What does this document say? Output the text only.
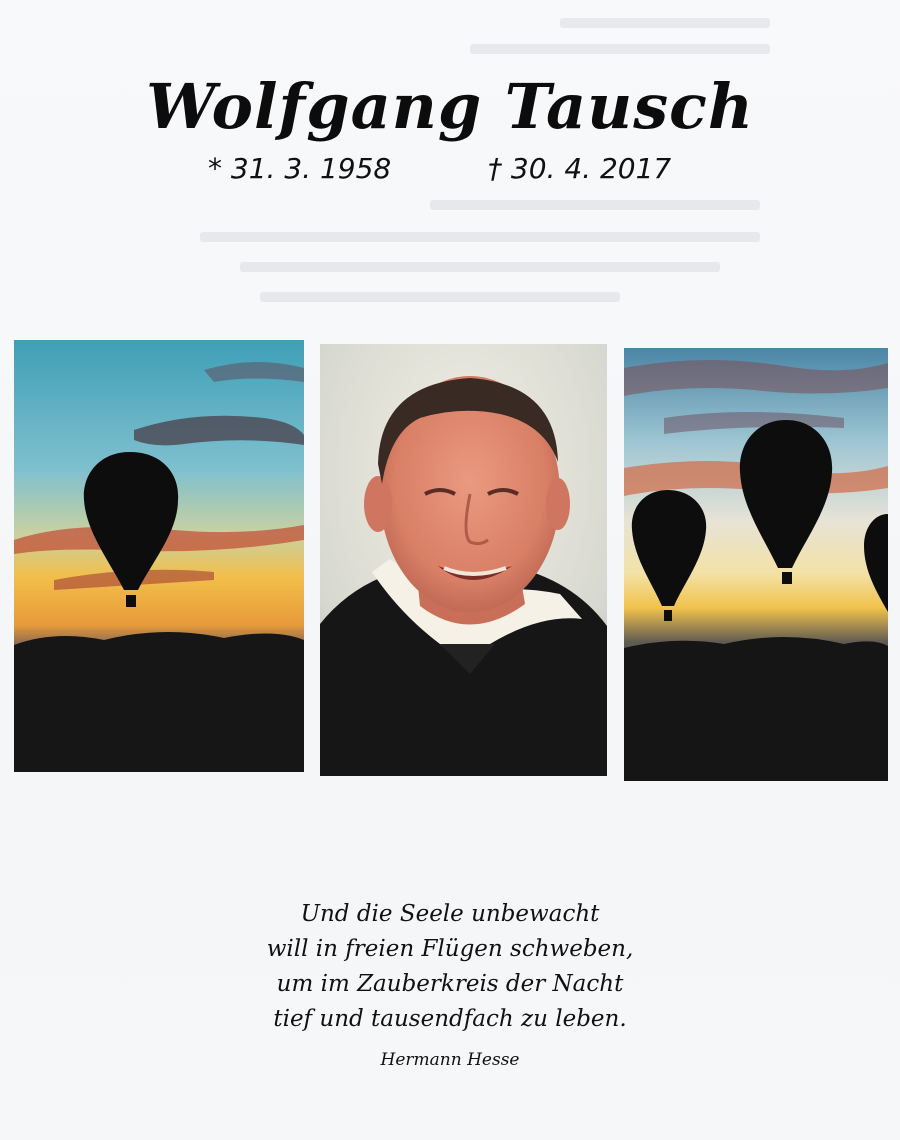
Wolfgang Tausch
* 31. 3. 1958	† 30. 4. 2017
Und die Seele unbewacht
will in freien Flügen schweben,
um im Zauberkreis der Nacht
tief und tausendfach zu leben.
Hermann Hesse
